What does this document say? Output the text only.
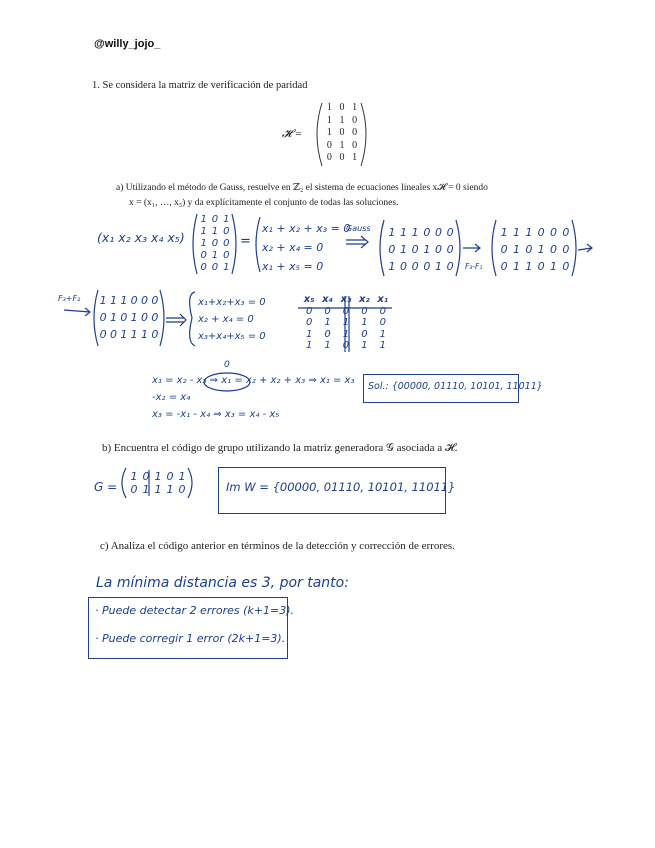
@willy_jojo_
1. Se considera la matriz de verificación de paridad
𝓗 =
1 0 1
1 1 0
1 0 0
0 1 0
0 0 1
a) Utilizando el método de Gauss, resuelve en ℤ₂ el sistema de ecuaciones lineales x𝓗 = 0 siendo
x = (x₁, …, x₅) y da explícitamente el conjunto de todas las soluciones.
(x₁ x₂ x₃ x₄ x₅)
1 0 1
1 1 0
1 0 0
0 1 0
0 0 1
=
x₁ + x₂ + x₃ = 0
x₂ + x₄ = 0
x₁ + x₅ = 0
Gauss 1 1 1 0 0 0
0 1 0 1 0 0
1 0 0 0 1 0	F₃-F₁
1 1 1 0 0 0
0 1 0 1 0 0
0 1 1 0 1 0
F₃+F₂ 1 1 1 0 0 0
0 1 0 1 0 0
0 0 1 1 1 0
x₁+x₂+x₃ = 0
x₂ + x₄ = 0
x₃+x₄+x₅ = 0
x₅ x₄ x₃ x₂ x₁
0	0	0	0	0
0	1	1	1	0
1	0	1	0	1
1	1	0	1	1
0
x₁ = x₂ - x₃ ⇒ x₁ = x₂ + x₂ + x₃ ⇒ x₁ = x₃
-x₂ = x₄
x₃ = -x₁ - x₄ ⇒ x₃ = x₄ - x₅
Sol.: {00000, 01110, 10101, 11011}
b) Encuentra el código de grupo utilizando la matriz generadora 𝒢 asociada a 𝓗.
G =
1 0 1 0 1
0 1 1 1 0	Im W = {00000, 01110, 10101, 11011}
c) Analiza el código anterior en términos de la detección y corrección de errores.
La mínima distancia es 3, por tanto:
· Puede detectar 2 errores (k+1=3).
· Puede corregir 1 error (2k+1=3).
